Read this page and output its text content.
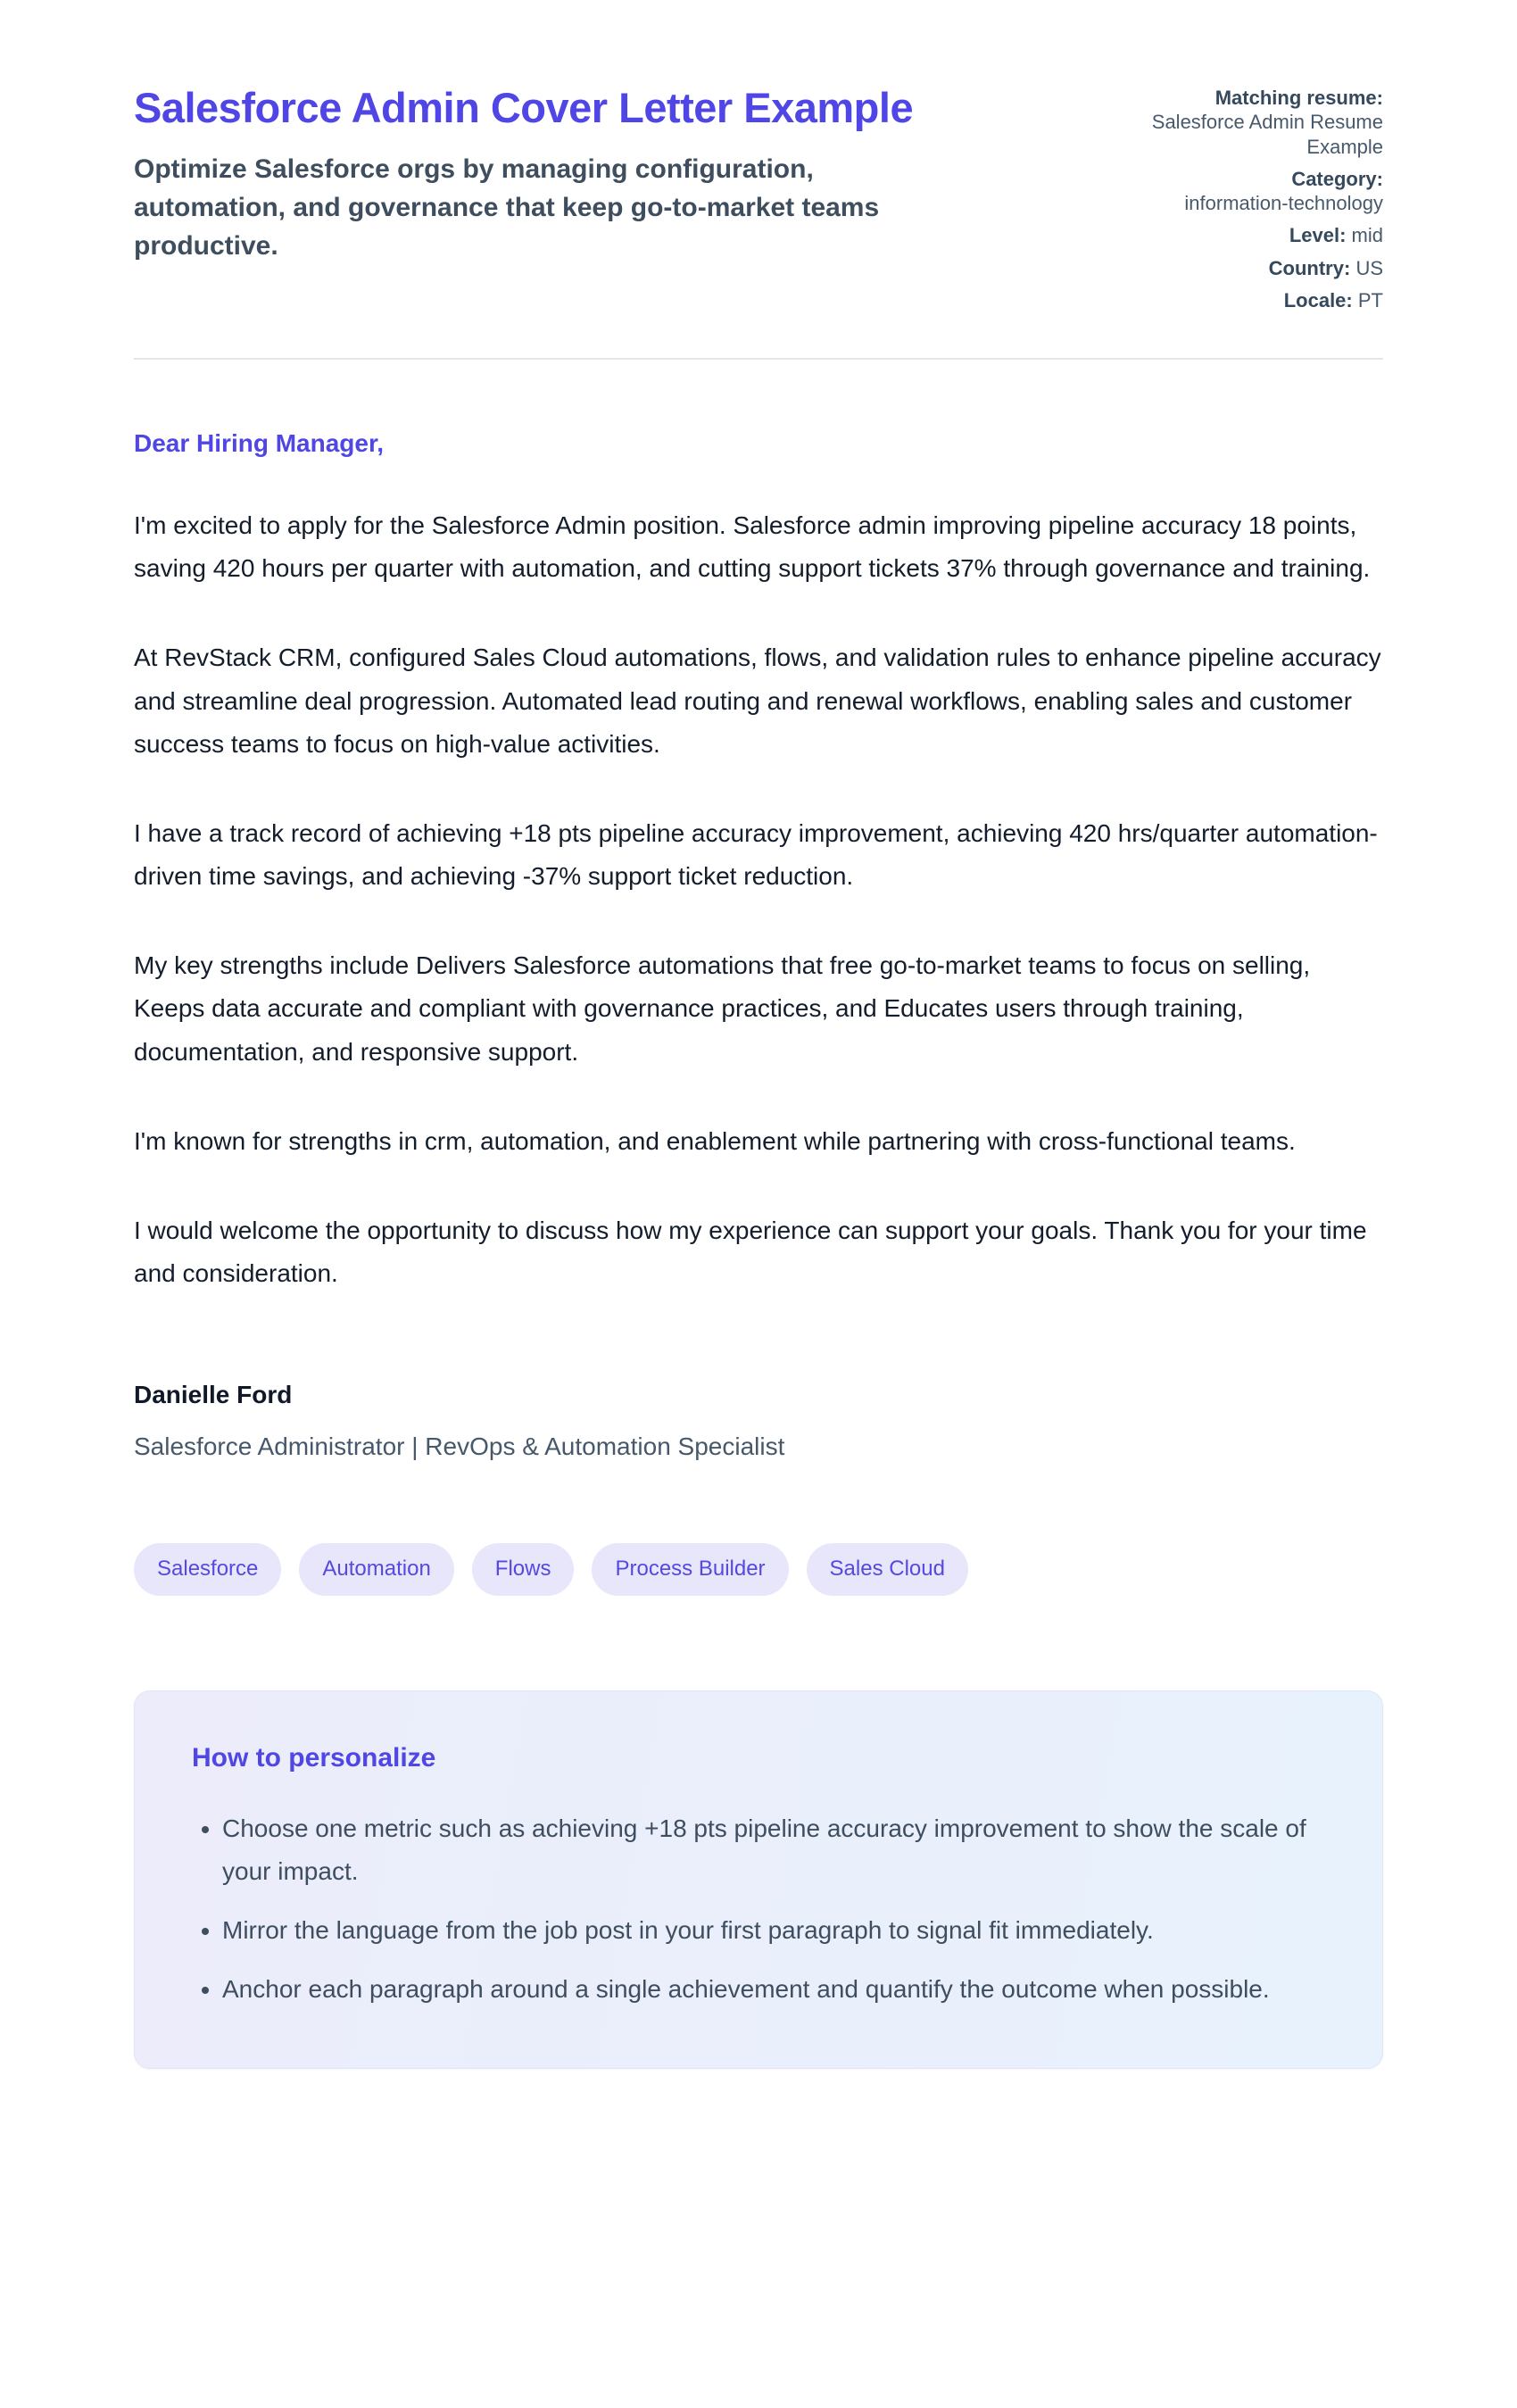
Salesforce Admin Cover Letter Example
Optimize Salesforce orgs by managing configuration, automation, and governance that keep go-to-market teams productive.
Matching resume:
Salesforce Admin Resume Example
Category:
information-technology
Level: mid
Country: US
Locale: PT
Dear Hiring Manager,

I'm excited to apply for the Salesforce Admin position. Salesforce admin improving pipeline accuracy 18 points, saving 420 hours per quarter with automation, and cutting support tickets 37% through governance and training.

At RevStack CRM, configured Sales Cloud automations, flows, and validation rules to enhance pipeline accuracy and streamline deal progression. Automated lead routing and renewal workflows, enabling sales and customer success teams to focus on high-value activities.

I have a track record of achieving +18 pts pipeline accuracy improvement, achieving 420 hrs/quarter automation-driven time savings, and achieving -37% support ticket reduction.

My key strengths include Delivers Salesforce automations that free go-to-market teams to focus on selling, Keeps data accurate and compliant with governance practices, and Educates users through training, documentation, and responsive support.

I'm known for strengths in crm, automation, and enablement while partnering with cross-functional teams.

I would welcome the opportunity to discuss how my experience can support your goals. Thank you for your time and consideration.

Danielle Ford
Salesforce Administrator | RevOps & Automation Specialist
Salesforce	Automation	Flows	Process Builder	Sales Cloud
How to personalize
• Choose one metric such as achieving +18 pts pipeline accuracy improvement to show the scale of your impact.
• Mirror the language from the job post in your first paragraph to signal fit immediately.
• Anchor each paragraph around a single achievement and quantify the outcome when possible.
